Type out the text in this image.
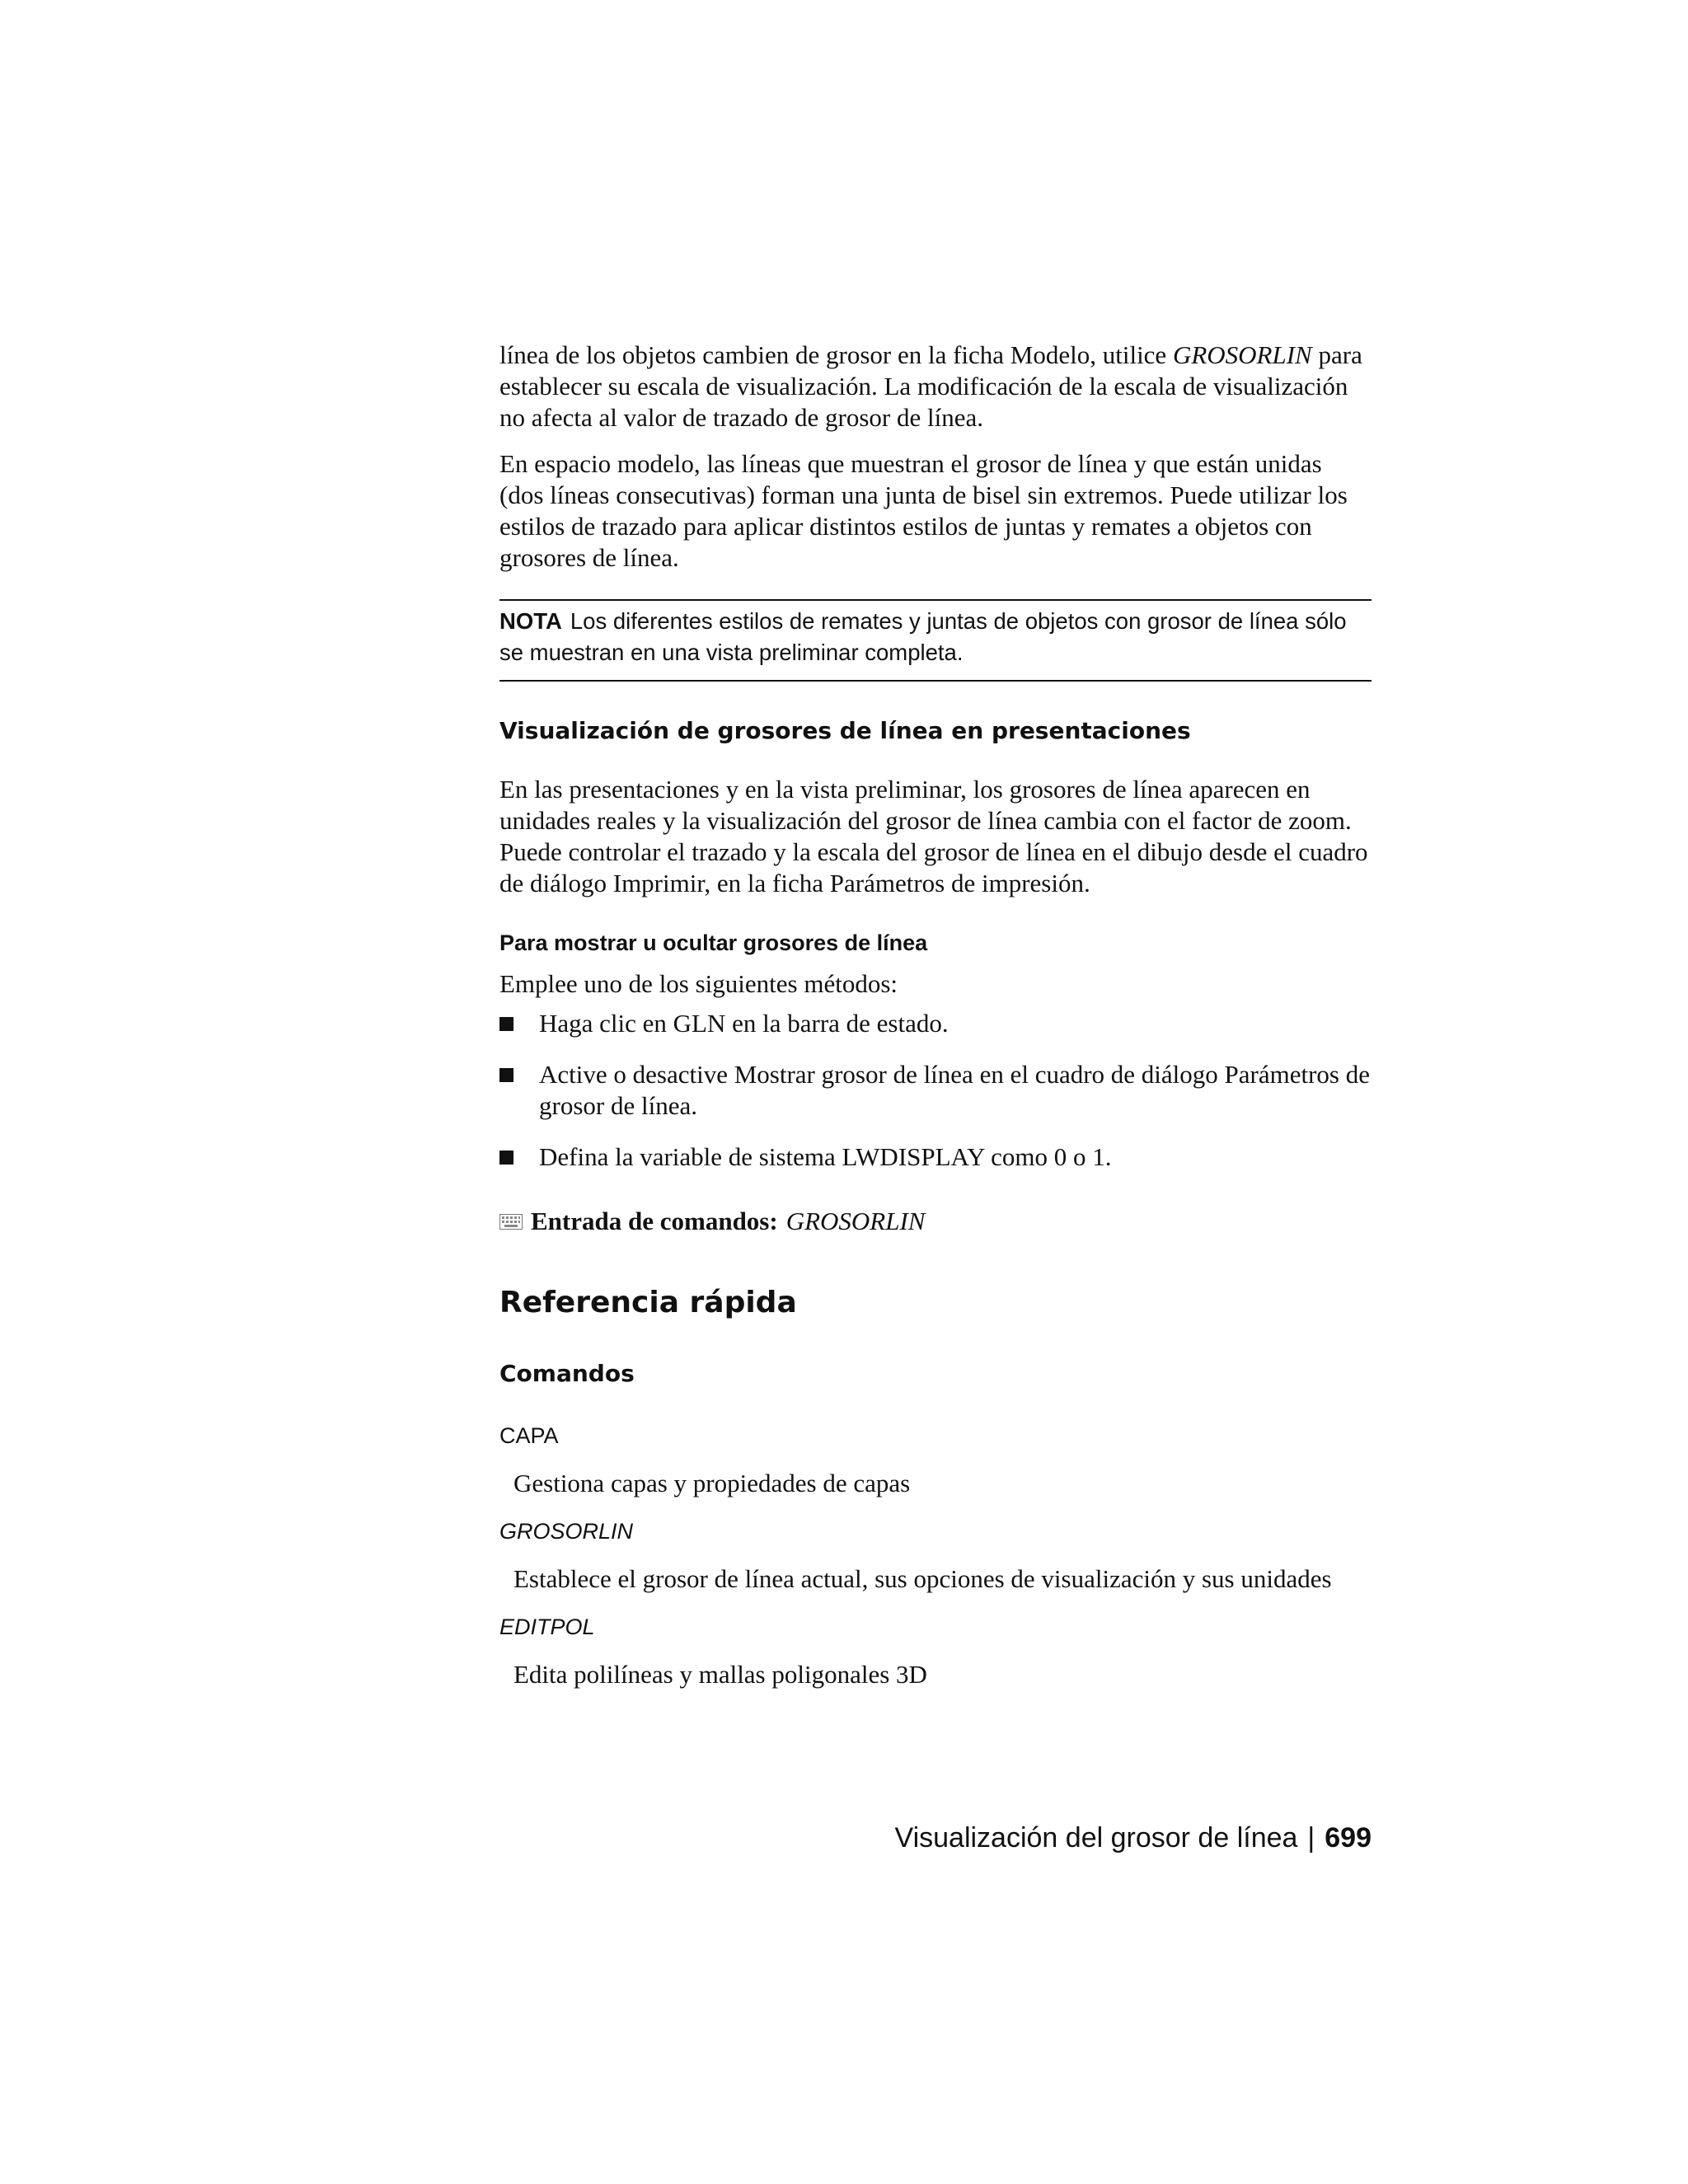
línea de los objetos cambien de grosor en la ficha Modelo, utilice GROSORLIN para establecer su escala de visualización. La modificación de la escala de visualización no afecta al valor de trazado de grosor de línea.

En espacio modelo, las líneas que muestran el grosor de línea y que están unidas (dos líneas consecutivas) forman una junta de bisel sin extremos. Puede utilizar los estilos de trazado para aplicar distintos estilos de juntas y remates a objetos con grosores de línea.

NOTA Los diferentes estilos de remates y juntas de objetos con grosor de línea sólo se muestran en una vista preliminar completa.
Visualización de grosores de línea en presentaciones

En las presentaciones y en la vista preliminar, los grosores de línea aparecen en unidades reales y la visualización del grosor de línea cambia con el factor de zoom. Puede controlar el trazado y la escala del grosor de línea en el dibujo desde el cuadro de diálogo Imprimir, en la ficha Parámetros de impresión.

Para mostrar u ocultar grosores de línea

Emplee uno de los siguientes métodos:

Haga clic en GLN en la barra de estado.
Active o desactive Mostrar grosor de línea en el cuadro de diálogo Parámetros de grosor de línea.
Defina la variable de sistema LWDISPLAY como 0 o 1.
Entrada de comandos: GROSORLIN
Referencia rápida
Comandos

CAPA

Gestiona capas y propiedades de capas

GROSORLIN

Establece el grosor de línea actual, sus opciones de visualización y sus unidades

EDITPOL

Edita polilíneas y mallas poligonales 3D

Visualización del grosor de línea | 699
